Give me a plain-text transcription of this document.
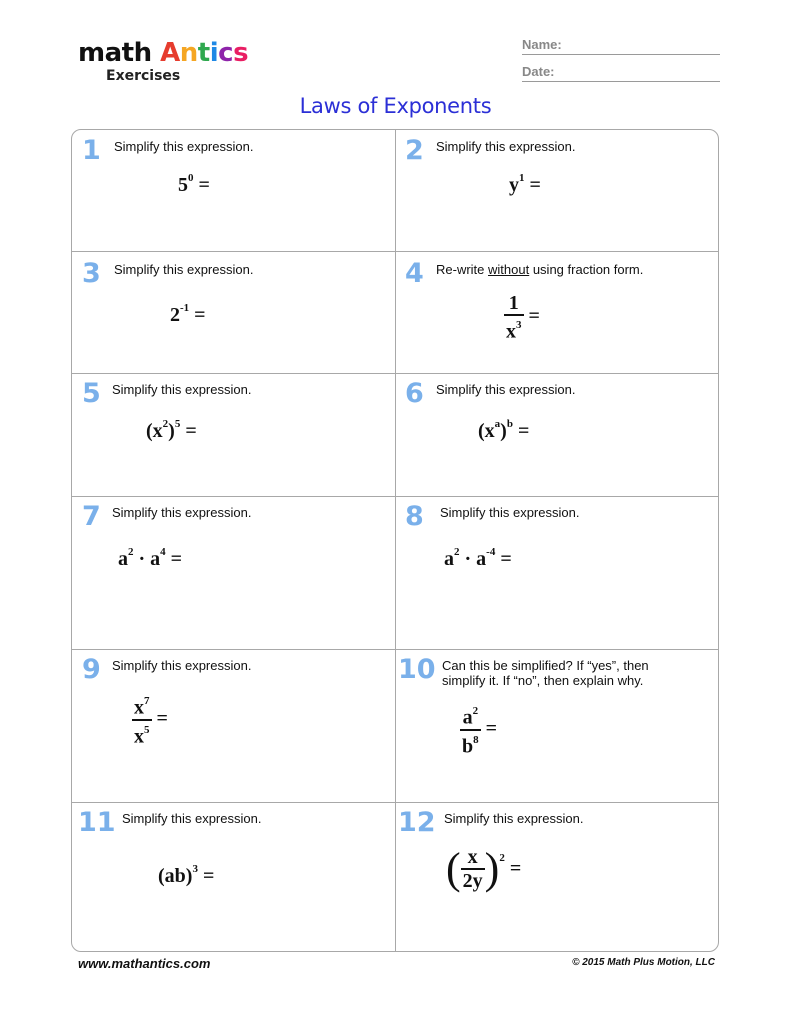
math Antics
Exercises
Name:
Date:
Laws of Exponents
1 Simplify this expression.
$5^0$ =
2 Simplify this expression.
$y^1$ =
3 Simplify this expression.
$2^{-1}$ =
4 Re-write without using fraction form.
$\frac{1}{x^3}$ =
5 Simplify this expression.
$(x^2)^5$ =
6 Simplify this expression.
$(x^a)^b$ =
7 Simplify this expression.
$a^2 \cdot a^4$ =
8 Simplify this expression.
$a^2 \cdot a^{-4}$ =
9 Simplify this expression.
$\frac{x^7}{x^5}$ =
10 Can this be simplified? If “yes”, then
simplify it. If “no”, then explain why.
$\frac{a^2}{b^8}$ =
11 Simplify this expression.
(ab)$^3$ =
12 Simplify this expression.
( $\frac{x}{2y} )^2$ =
www.mathantics.com	© 2015 Math Plus Motion, LLC
